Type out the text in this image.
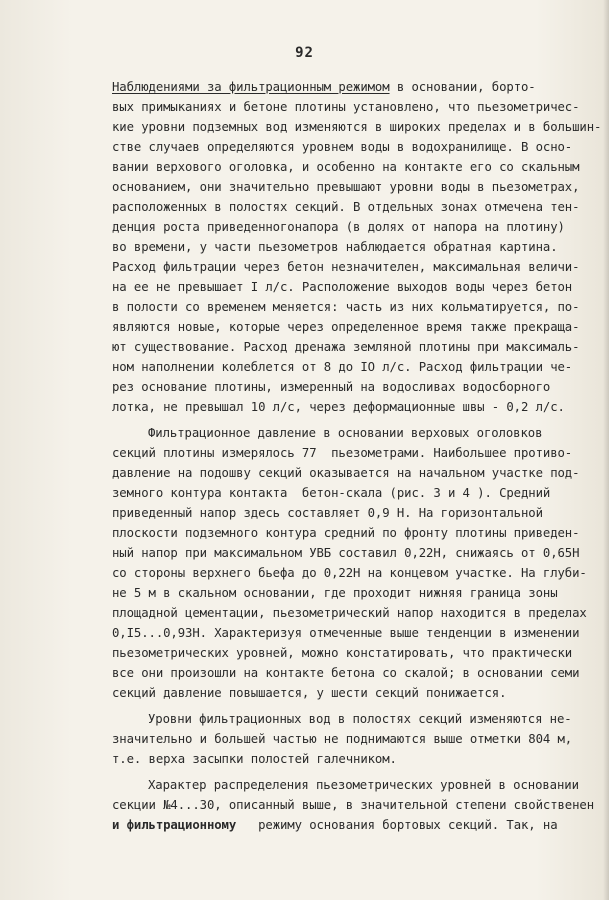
92
Наблюдениями за фильтрационным режимом в основании, борто-
вых примыканиях и бетоне плотины установлено, что пьезометричес-
кие уровни подземных вод изменяются в широких пределах и в большин-
стве случаев определяются уровнем воды в водохранилище. В осно-
вании верхового оголовка, и особенно на контакте его со скальным
основанием, они значительно превышают уровни воды в пьезометрах,
расположенных в полостях секций. В отдельных зонах отмечена тен-
денция роста приведенногонапора (в долях от напора на плотину)
во времени, у части пьезометров наблюдается обратная картина.
Расход фильтрации через бетон незначителен, максимальная величи-
на ее не превышает I л/с. Расположение выходов воды через бетон
в полости со временем меняется: часть из них кольматируется, по-
являются новые, которые через определенное время также прекраща-
ют существование. Расход дренажа земляной плотины при максималь-
ном наполнении колеблется от 8 до IO л/с. Расход фильтрации че-
рез основание плотины, измеренный на водосливах водосборного
лотка, не превышал 10 л/с, через деформационные швы - 0,2 л/с.
Фильтрационное давление в основании верховых оголовков
секций плотины измерялось 77  пьезометрами. Наибольшее противо-
давление на подошву секций оказывается на начальном участке под-
земного контура контакта  бетон-скала (рис. 3 и 4 ). Средний
приведенный напор здесь составляет 0,9 Н. На горизонтальной
плоскости подземного контура средний по фронту плотины приведен-
ный напор при максимальном УВБ составил 0,22Н, снижаясь от 0,65Н
со стороны верхнего бьефа до 0,22Н на концевом участке. На глуби-
не 5 м в скальном основании, где проходит нижняя граница зоны
площадной цементации, пьезометрический напор находится в пределах
0,I5...0,93Н. Характеризуя отмеченные выше тенденции в изменении
пьезометрических уровней, можно констатировать, что практически
все они произошли на контакте бетона со скалой; в основании семи
секций давление повышается, у шести секций понижается.
Уровни фильтрационных вод в полостях секций изменяются не-
значительно и большей частью не поднимаются выше отметки 804 м,
т.е. верха засыпки полостей галечником.
Характер распределения пьезометрических уровней в основании
секции №4...30, описанный выше, в значительной степени свойственен
и фильтрационному   режиму основания бортовых секций. Так, на
